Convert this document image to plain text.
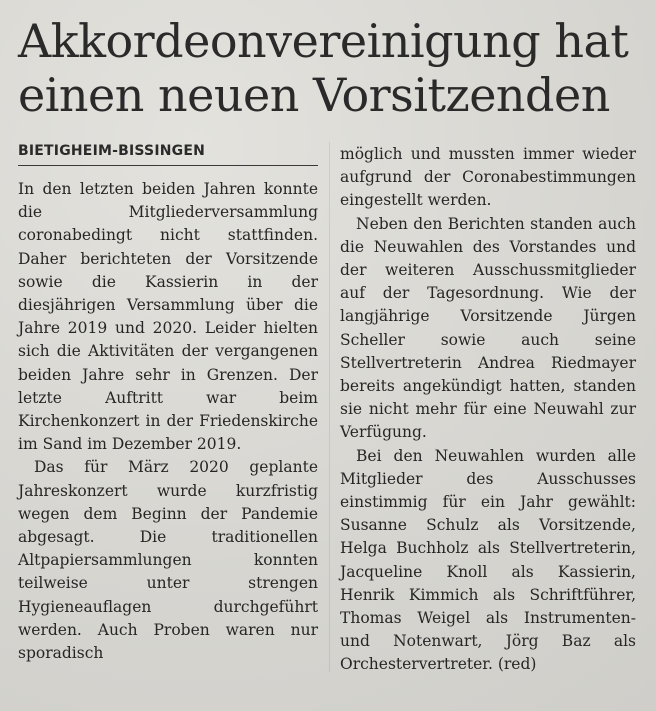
Akkordeonvereinigung hat
einen neuen Vorsitzenden
BIETIGHEIM-BISSINGEN

In den letzten beiden Jahren konnte die Mitgliederversammlung coronabedingt nicht stattfinden. Daher berichteten der Vorsitzende sowie die Kassierin in der diesjährigen Versammlung über die Jahre 2019 und 2020. Leider hielten sich die Aktivitäten der vergangenen beiden Jahre sehr in Grenzen. Der letzte Auftritt war beim Kirchenkonzert in der Friedenskirche im Sand im Dezember 2019.

Das für März 2020 geplante Jahreskonzert wurde kurzfristig wegen dem Beginn der Pandemie abgesagt. Die traditionellen Altpapiersammlungen konnten teilweise unter strengen Hygieneauflagen durchgeführt werden. Auch Proben waren nur sporadisch

möglich und mussten immer wieder aufgrund der Coronabestimmungen eingestellt werden.

Neben den Berichten standen auch die Neuwahlen des Vorstandes und der weiteren Ausschussmitglieder auf der Tagesordnung. Wie der langjährige Vorsitzende Jürgen Scheller sowie auch seine Stellvertreterin Andrea Riedmayer bereits angekündigt hatten, standen sie nicht mehr für eine Neuwahl zur Verfügung.

Bei den Neuwahlen wurden alle Mitglieder des Ausschusses einstimmig für ein Jahr gewählt: Susanne Schulz als Vorsitzende, Helga Buchholz als Stellvertreterin, Jacqueline Knoll als Kassierin, Henrik Kimmich als Schriftführer, Thomas Weigel als Instrumenten- und Notenwart, Jörg Baz als Orchestervertreter. (red)
